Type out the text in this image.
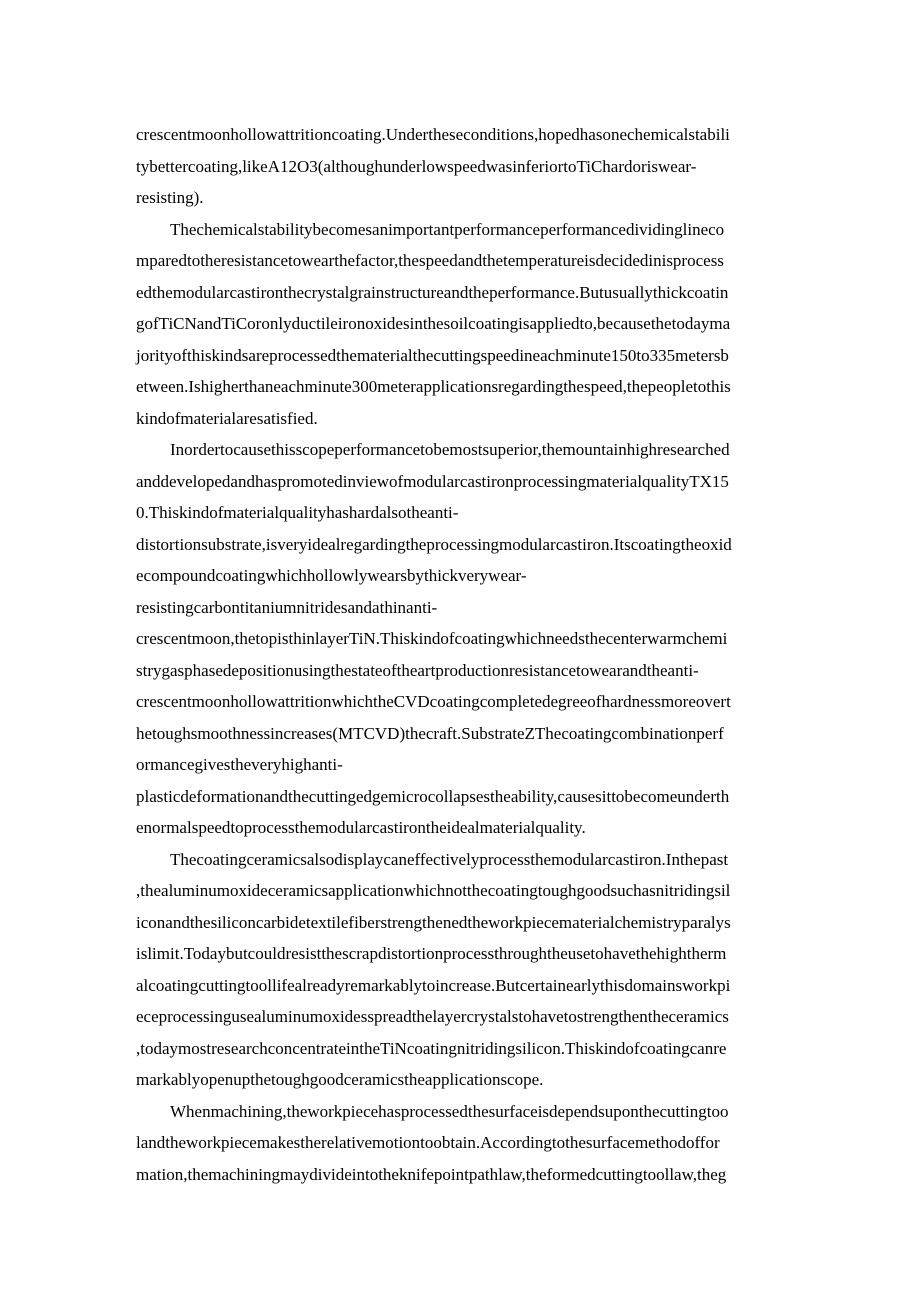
crescentmoonhollowattritioncoating.Undertheseconditions,hopedhasonechemicalstabili
tybettercoating,likeA12O3(althoughunderlowspeedwasinferiortoTiChardoriswear-
resisting).
Thechemicalstabilitybecomesanimportantperformanceperformancedividinglineco
mparedtotheresistancetowearthefactor,thespeedandthetemperatureisdecidedinisprocess
edthemodularcastironthecrystalgrainstructureandtheperformance.Butusuallythickcoatin
gofTiCNandTiCoronlyductileironoxidesinthesoilcoatingisappliedto,becausethetodayma
jorityofthiskindsareprocessedthematerialthecuttingspeedineachminute150to335metersb
etween.Ishigherthaneachminute300meterapplicationsregardingthespeed,thepeopletothis
kindofmaterialaresatisfied.
Inordertocausethisscopeperformancetobemostsuperior,themountainhighresearched
anddevelopedandhaspromotedinviewofmodularcastironprocessingmaterialqualityTX15
0.Thiskindofmaterialqualityhashardalsotheanti-
distortionsubstrate,isveryidealregardingtheprocessingmodularcastiron.Itscoatingtheoxid
ecompoundcoatingwhichhollowlywearsbythickverywear-
resistingcarbontitaniumnitridesandathinanti-
crescentmoon,thetopisthinlayerTiN.Thiskindofcoatingwhichneedsthecenterwarmchemi
strygasphasedepositionusingthestateoftheartproductionresistancetowearandtheanti-
crescentmoonhollowattritionwhichtheCVDcoatingcompletedegreeofhardnessmoreovert
hetoughsmoothnessincreases(MTCVD)thecraft.SubstrateZThecoatingcombinationperf
ormancegivestheveryhighanti-
plasticdeformationandthecuttingedgemicrocollapsestheability,causesittobecomeunderth
enormalspeedtoprocessthemodularcastirontheidealmaterialquality.
Thecoatingceramicsalsodisplaycaneffectivelyprocessthemodularcastiron.Inthepast
,thealuminumoxideceramicsapplicationwhichnotthecoatingtoughgoodsuchasnitridingsil
iconandthesiliconcarbidetextilefiberstrengthenedtheworkpiecematerialchemistryparalys
islimit.Todaybutcouldresistthescrapdistortionprocessthroughtheusetohavethehightherm
alcoatingcuttingtoollifealreadyremarkablytoincrease.Butcertainearlythisdomainsworkpi
eceprocessingusealuminumoxidesspreadthelayercrystalstohavetostrengthentheceramics
,todaymostresearchconcentrateintheTiNcoatingnitridingsilicon.Thiskindofcoatingcanre
markablyopenupthetoughgoodceramicstheapplicationscope.
Whenmachining,theworkpiecehasprocessedthesurfaceisdependsuponthecuttingtoo
landtheworkpiecemakestherelativemotiontoobtain.Accordingtothesurfacemethodoffor
mation,themachiningmaydivideintotheknifepointpathlaw,theformedcuttingtoollaw,theg
